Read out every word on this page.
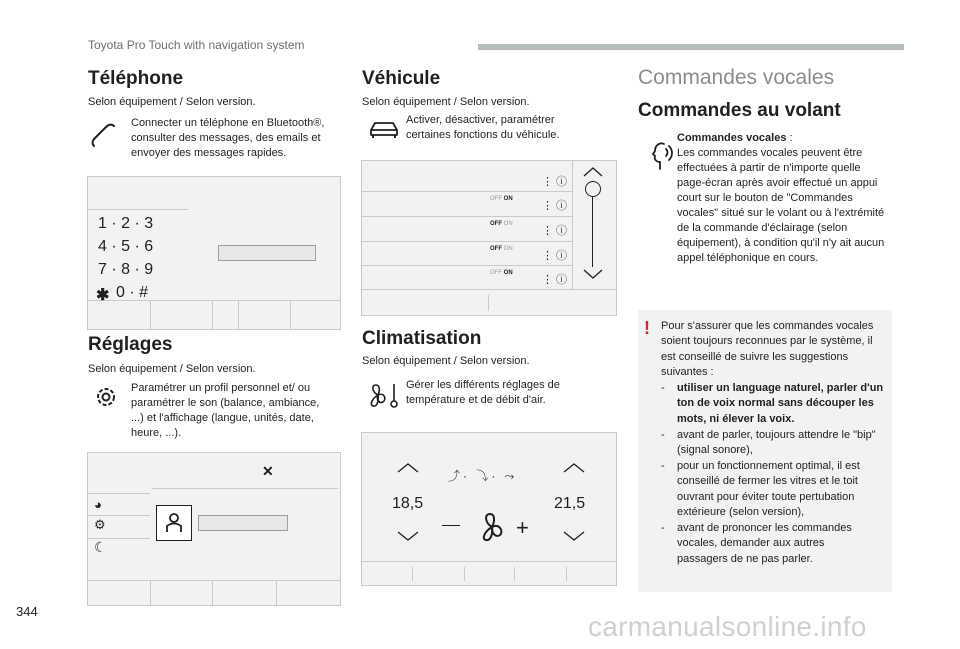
Toyota Pro Touch with navigation system
Téléphone
Selon équipement / Selon version.
Connecter un téléphone en Bluetooth®, consulter des messages, des emails et envoyer des messages rapides.
1 · 2 · 3
4 · 5 · 6
7 · 8 · 9
✱ 0 · #
Réglages
Selon équipement / Selon version.
Paramétrer un profil personnel et/ ou paramétrer le son (balance, ambiance, ...) et l'affichage (langue, unités, date, heure, ...).
✕
◕
⚙
☾
Véhicule
Selon équipement / Selon version.
Activer, désactiver, paramétrer certaines fonctions du véhicule.
OFF ON
OFF ON
OFF ON
OFF ON
⋮ ⓘ
⋮ ⓘ
⋮ ⓘ
⋮ ⓘ
⋮ ⓘ
Climatisation
Selon équipement / Selon version.
Gérer les différents réglages de température et de débit d'air.
18,5	21,5
⤴· ⤵· ⤳
+
Commandes vocales
Commandes au volant
Commandes vocales :
Les commandes vocales peuvent être effectuées à partir de n'importe quelle page-écran après avoir effectué un appui court sur le bouton de "Commandes vocales" situé sur le volant ou à l'extrémité de la commande d'éclairage (selon équipement), à condition qu'il n'y ait aucun appel téléphonique en cours.
! Pour s'assurer que les commandes vocales soient toujours reconnues par le système, il est conseillé de suivre les suggestions suivantes :
- utiliser un language naturel, parler d'un ton de voix normal sans découper les mots, ni élever la voix.
- avant de parler, toujours attendre le "bip" (signal sonore),
- pour un fonctionnement optimal, il est conseillé de fermer les vitres et le toit ouvrant pour éviter toute pertubation extérieure (selon version),
- avant de prononcer les commandes vocales, demander aux autres passagers de ne pas parler.
344	carmanualsonline.info
